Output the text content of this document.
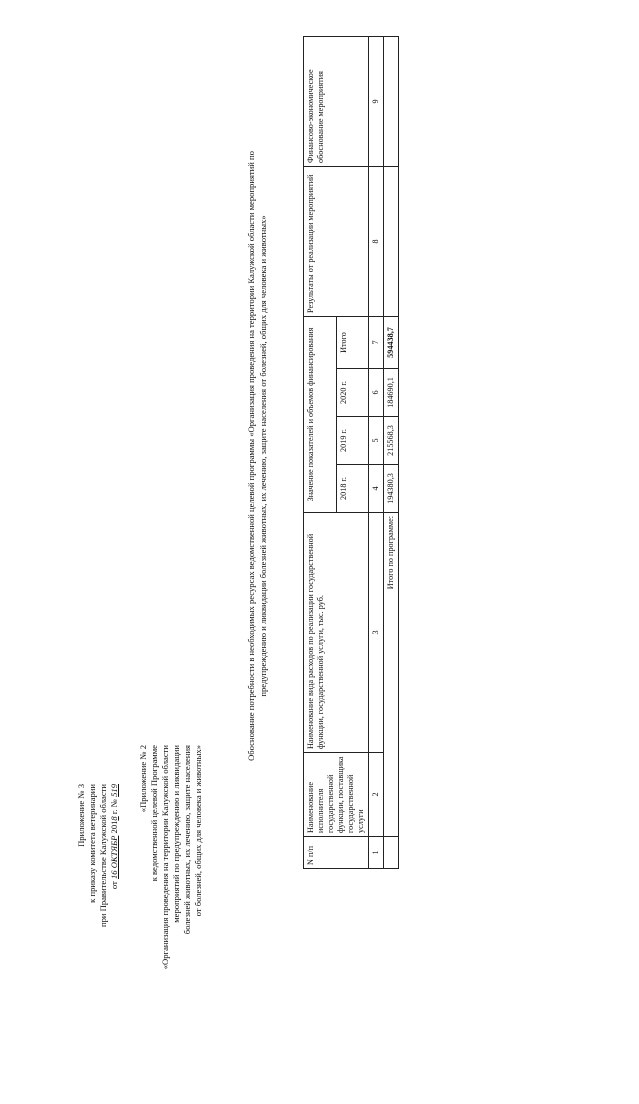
Приложение № 3 к приказу комитета ветеринарии при Правительстве Калужской области от 16 ОКТЯБР 2018 г. № 519 «Приложение № 2 к ведомственной целевой Программе «Организация проведения на территории Калужской области мероприятий по предупреждению и ликвидации болезней животных, их лечению, защите населения от болезней, общих для человека и животных»
Обоснование потребности в необходимых ресурсах ведомственной целевой программы «Организация проведения на территории Калужской области мероприятий по предупреждению и ликвидации болезней животных, их лечению, защите населения от болезней, общих для человека и животных»
N п/п	Наименование исполнителя государственной функции, поставщика государственной услуги	Наименование вида расходов по реализации государственной функции, государственной услуги, тыс. руб.	Значение показателей и объемов финансирования				Результаты от реализации мероприятий	Финансово-экономическое обоснование мероприятия
			2018 г.	2019 г.	2020 г.	Итого		
1	2	3	4	5	6	7	8	9
	Итого по программе:		194380,3	215568,3	184690,1	594438,7		
